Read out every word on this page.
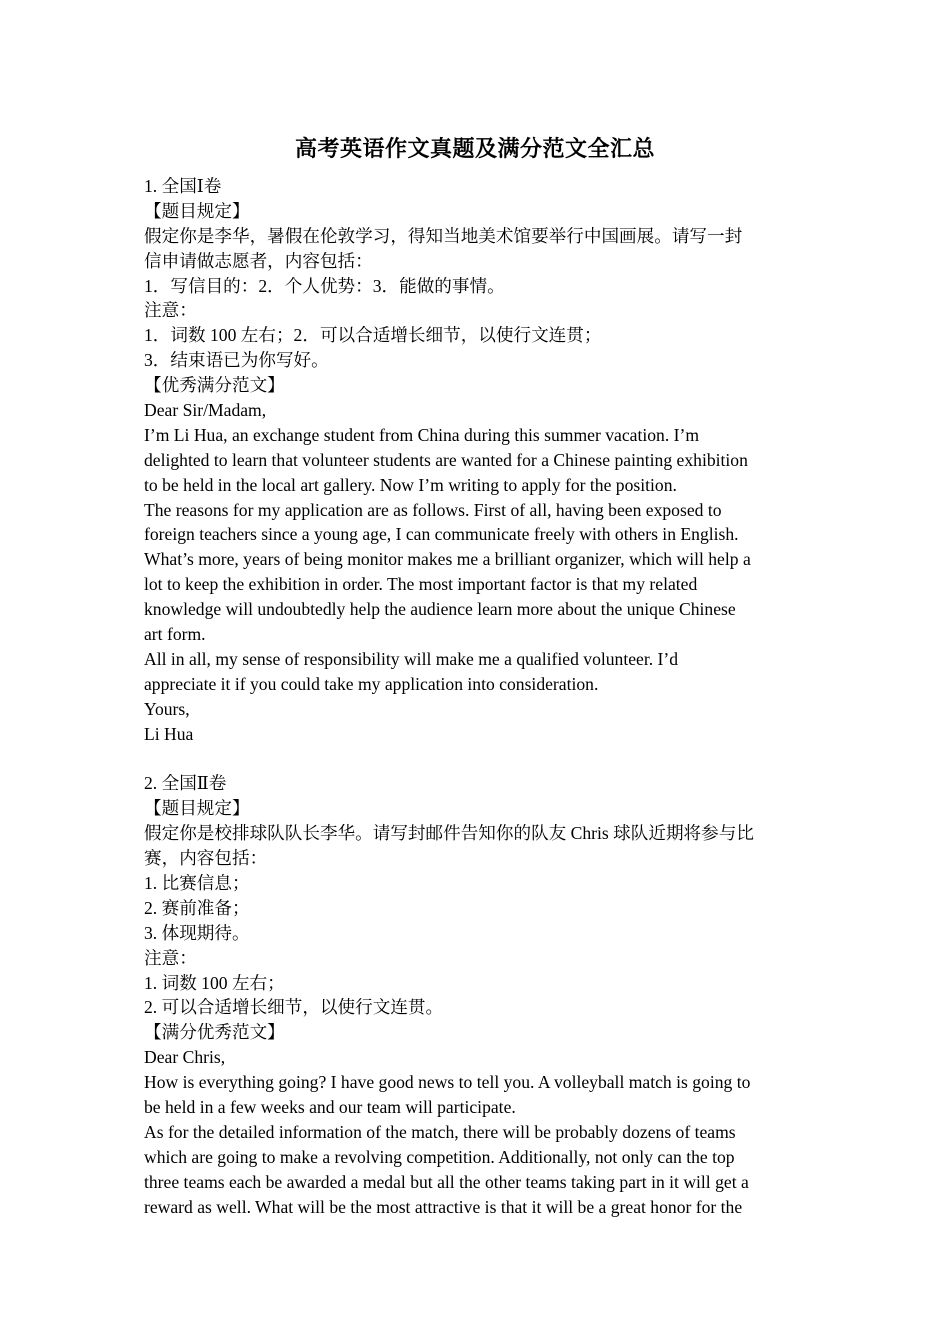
高考英语作文真题及满分范文全汇总
1. 全国Ⅰ卷
【题目规定】
假定你是李华，暑假在伦敦学习，得知当地美术馆要举行中国画展。请写一封
信申请做志愿者，内容包括：
1．写信目的：2．个人优势：3．能做的事情。
注意：
1．词数 100 左右；2．可以合适增长细节，以使行文连贯；
3．结束语已为你写好。
【优秀满分范文】
Dear Sir/Madam,
I’m Li Hua, an exchange student from China during this summer vacation. I’m
delighted to learn that volunteer students are wanted for a Chinese painting exhibition
to be held in the local art gallery. Now I’m writing to apply for the position.
The reasons for my application are as follows. First of all, having been exposed to
foreign teachers since a young age, I can communicate freely with others in English.
What’s more, years of being monitor makes me a brilliant organizer, which will help a
lot to keep the exhibition in order. The most important factor is that my related
knowledge will undoubtedly help the audience learn more about the unique Chinese
art form.
All in all, my sense of responsibility will make me a qualified volunteer. I’d
appreciate it if you could take my application into consideration.
Yours,
Li Hua
2. 全国Ⅱ卷
【题目规定】
假定你是校排球队队长李华。请写封邮件告知你的队友 Chris 球队近期将参与比
赛，内容包括：
1. 比赛信息；
2. 赛前准备；
3. 体现期待。
注意：
1. 词数 100 左右；
2. 可以合适增长细节，以使行文连贯。
【满分优秀范文】
Dear Chris,
How is everything going? I have good news to tell you. A volleyball match is going to
be held in a few weeks and our team will participate.
As for the detailed information of the match, there will be probably dozens of teams
which are going to make a revolving competition. Additionally, not only can the top
three teams each be awarded a medal but all the other teams taking part in it will get a
reward as well. What will be the most attractive is that it will be a great honor for the
